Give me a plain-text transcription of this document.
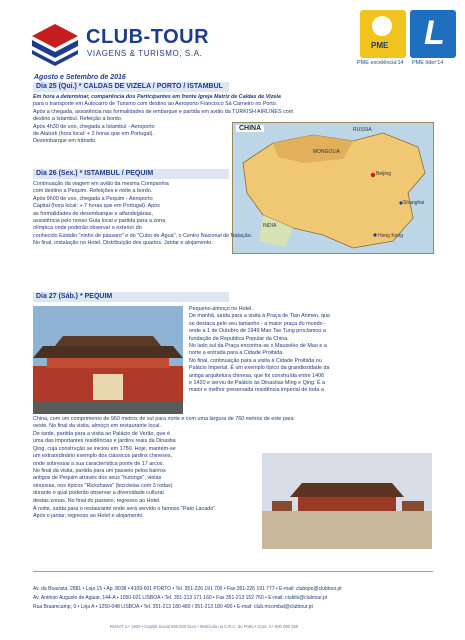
CLUB-TOUR
VIAGENS & TURISMO, S.A.
PME L
PME excelência'14 PME líder'14
Agosto e Setembro de 2016
Dia 25 (Qui.) * CALDAS DE VIZELA / PORTO / ISTAMBUL
Em hora a determinar, comparência dos Participantes em frente Igreja Matriz de Caldas de Vizela
para o transporte em Autocarro de Turismo com destino ao Aeroporto Francisco Sá Carneiro no Porto.
Após a chegada, assistência nas formalidades de embarque e partida em avião da TURKISH AIRLINES com
destino a Istambul. Refeição a bordo.
Após 4h30 de voo, chegada a Istambul - Aeroporto
de Ataturk (hora local: + 2 horas que em Portugal).
Desembarque em trânsito.
CHINA	RUSSIA
MONGOLIA
Beijing
Shanghai
INDIA
Hong Kong
Dia 26 (Sex.) * ISTAMBUL / PEQUIM
Continuação da viagem em avião da mesma Companhia
com destino a Pequim. Refeições e noite a bordo.
Após 9h00 de voo, chegada a Pequim - Aeroporto
Capital (hora local: + 7 horas que em Portugal). Após
as formalidades de desembarque e alfandegárias,
assistência pelo nosso Guia local e partida para a zona
olímpica onde poderão observar o exterior do
conhecido Estádio "ninho de pássaro" e do "Cubo de Água", o Centro Nacional de Natação.
No final, instalação no Hotel. Distribuição dos quartos. Jantar e alojamento.
Dia 27 (Sáb.) * PEQUIM
Pequeno-almoço no Hotel.
De manhã, saída para a visita à Praça de Tian Anmen, que
se destaca pelo seu tamanho - a maior praça do mundo -
onde a 1 de Outubro de 1949 Mao Tse Tung proclamou a
fundação da Republica Popular da China.
No lado sul da Praça encontra-se o Mausoléo de Mao e a
norte a entrada para a Cidade Proibida.
No final, continuação para a visita à Cidade Proibida ou
Palácio Imperial. É um exemplo típico da grandiosidade da
antiga arquitetura chinesa, que foi construída entre 1406
e 1420 e serviu de Palácio às Dinastias Ming e Qing. É a
maior e melhor preservada residência imperial de toda a
China, com um comprimento de 960 metros de sul para norte e com uma largura de 760 metros de este para
oeste. No final da visita, almoço em restaurante local.
De tarde, partida para a visita ao Palácio de Verão, que é
uma das importantes residências e jardins reais da Dinastia
Qing, cuja construção se iniciou em 1750. Hoje, mantém-se
um extraordinário exemplo dos clássicos jardins chineses,
onde sobressai a sua característica ponte de 17 arcos.
No final da visita, partida para um passeio pelos bairros
antigos de Pequim através dos seus "hutongs", vielas
sinuosas, nos típicos "Rickshaws" (bicicletas com 3 rodas)
durante o qual poderão observar a diversidade cultural
destas zonas. No final do passeio, regresso ao Hotel.
À noite, saída para o restaurante onde será servido o famoso "Pato Lacado".
Após o jantar, regresso ao Hotel e alojamento.
Av. da Boavista, 2881 • Loja 15 • Ap. 8038 • 4109-601 PORTO • Tel. 351-226 191 700 • Fax 351-226 191 777 • E-mail: clubopo@clubtour.pt
Av. António Augusto de Aguiar, 144-A • 1050-021 LISBOA • Tel. 351-213 171 160 • Fax 351-213 152 760 • E-mail: clublis@clubtour.pt
Rua Braamcamp, 9 • Loja A • 1250-048 LISBOA • Tel. 351-213 180 480 / 351-213 180 490 • E-mail: club.mcombal@clubtour.pt
RNAVT n.º 1920 • Capital Social 500.000 Euro • Matrícula na C.R.C. do Porto • Cont. n.º 500 000 350
